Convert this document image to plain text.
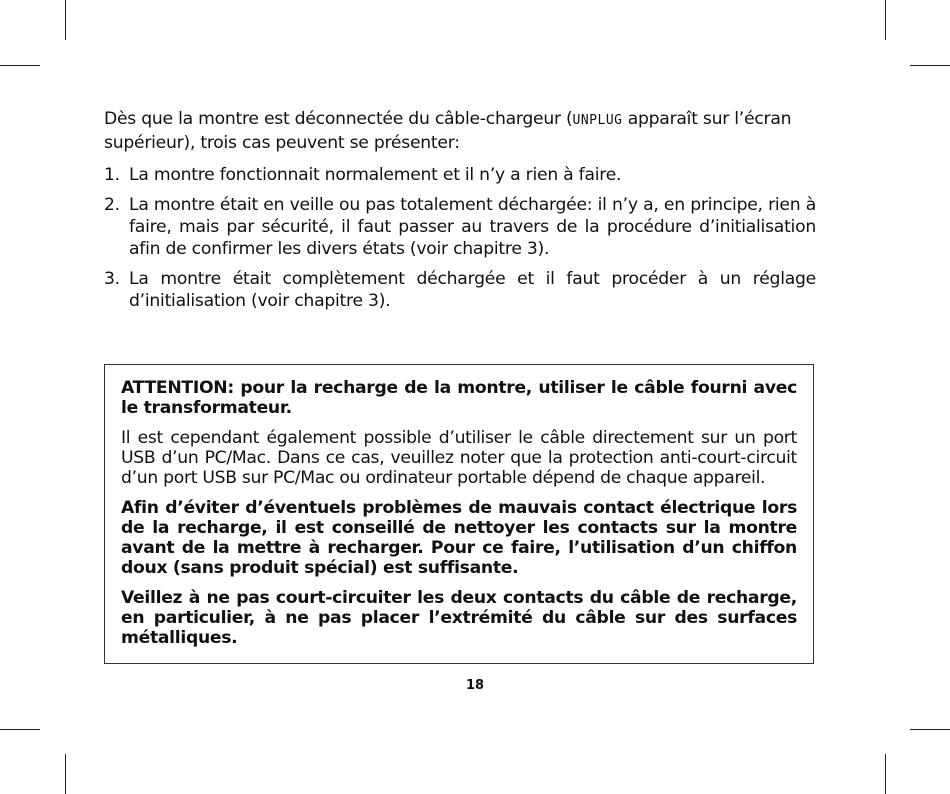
Dès que la montre est déconnectée du câble-chargeur (UNPLUG apparaît sur l’écran supérieur), trois cas peuvent se présenter:

1. La montre fonctionnait normalement et il n’y a rien à faire.
2. La montre était en veille ou pas totalement déchargée: il n’y a, en principe, rien à faire, mais par sécurité, il faut passer au travers de la procédure d’initialisation afin de confirmer les divers états (voir chapitre 3).
3. La montre était complètement déchargée et il faut procéder à un réglage d’initialisation (voir chapitre 3).

ATTENTION: pour la recharge de la montre, utiliser le câble fourni avec le transformateur.

Il est cependant également possible d’utiliser le câble directement sur un port USB d’un PC/Mac. Dans ce cas, veuillez noter que la protection anti-court-circuit d’un port USB sur PC/Mac ou ordinateur portable dépend de chaque appareil.

Afin d’éviter d’éventuels problèmes de mauvais contact électrique lors de la recharge, il est conseillé de nettoyer les contacts sur la montre avant de la mettre à recharger. Pour ce faire, l’utilisation d’un chiffon doux (sans produit spécial) est suffisante.

Veillez à ne pas court-circuiter les deux contacts du câble de recharge, en particulier, à ne pas placer l’extrémité du câble sur des surfaces métalliques.

18
